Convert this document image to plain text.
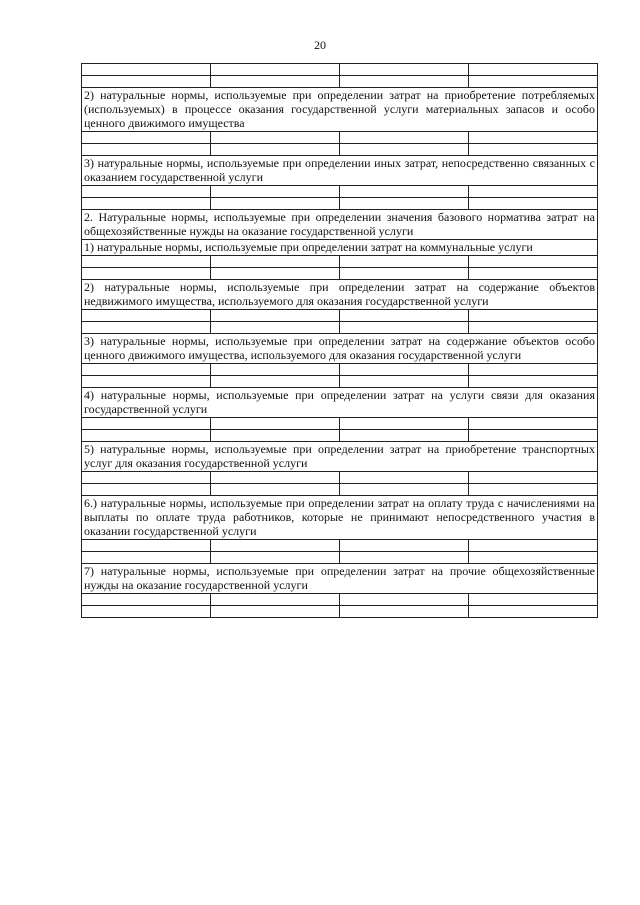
20

2) натуральные нормы, используемые при определении затрат на приобретение потребляемых (используемых) в процессе оказания государственной услуги материальных запасов и особо ценного движимого имущества			

3) натуральные нормы, используемые при определении иных затрат, непосредственно связанных с оказанием государственной услуги			

2. Натуральные нормы, используемые при определении значения базового норматива затрат на общехозяйственные нужды на оказание государственной услуги			
1) натуральные нормы, используемые при определении затрат на коммунальные услуги			

2) натуральные нормы, используемые при определении затрат на содержание объектов недвижимого имущества, используемого для оказания государственной услуги			

3) натуральные нормы, используемые при определении затрат на содержание объектов особо ценного движимого имущества, используемого для оказания государственной услуги			

4) натуральные нормы, используемые при определении затрат на услуги связи для оказания государственной услуги			

5) натуральные нормы, используемые при определении затрат на приобретение транспортных услуг для оказания государственной услуги			

6.) натуральные нормы, используемые при определении затрат на оплату труда с начислениями на выплаты по оплате труда работников, которые не принимают непосредственного участия в оказании государственной услуги			

7) натуральные нормы, используемые при определении затрат на прочие общехозяйственные нужды на оказание государственной услуги			
